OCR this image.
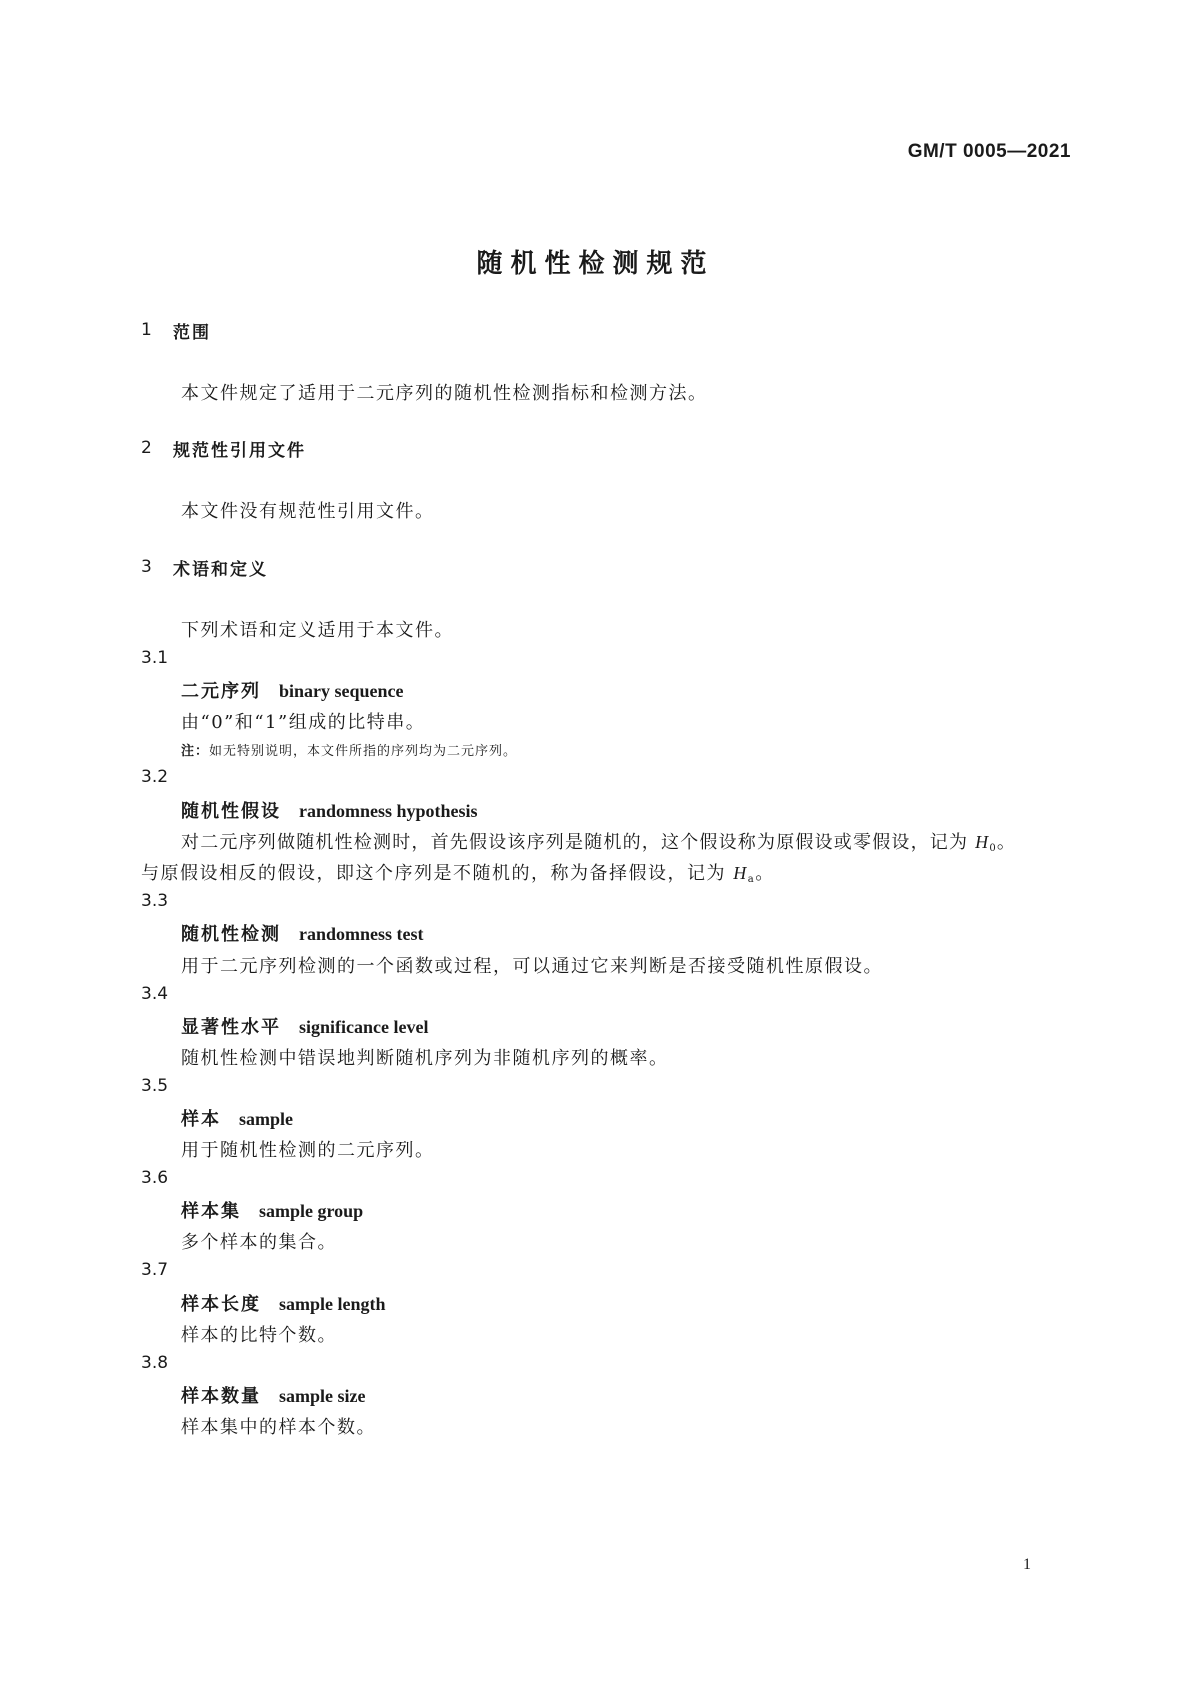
GM/T 0005—2021
随机性检测规范
1 范围
本文件规定了适用于二元序列的随机性检测指标和检测方法。
2 规范性引用文件
本文件没有规范性引用文件。
3 术语和定义
下列术语和定义适用于本文件。
3.1
二元序列 binary sequence
由“0”和“1”组成的比特串。
注：如无特别说明，本文件所指的序列均为二元序列。
3.2
随机性假设 randomness hypothesis
对二元序列做随机性检测时，首先假设该序列是随机的，这个假设称为原假设或零假设，记为 $H_0$。
与原假设相反的假设，即这个序列是不随机的，称为备择假设，记为 $H_a$。
3.3
随机性检测 randomness test
用于二元序列检测的一个函数或过程，可以通过它来判断是否接受随机性原假设。
3.4
显著性水平 significance level
随机性检测中错误地判断随机序列为非随机序列的概率。
3.5
样本 sample
用于随机性检测的二元序列。
3.6
样本集 sample group
多个样本的集合。
3.7
样本长度 sample length
样本的比特个数。
3.8
样本数量 sample size
样本集中的样本个数。
1
